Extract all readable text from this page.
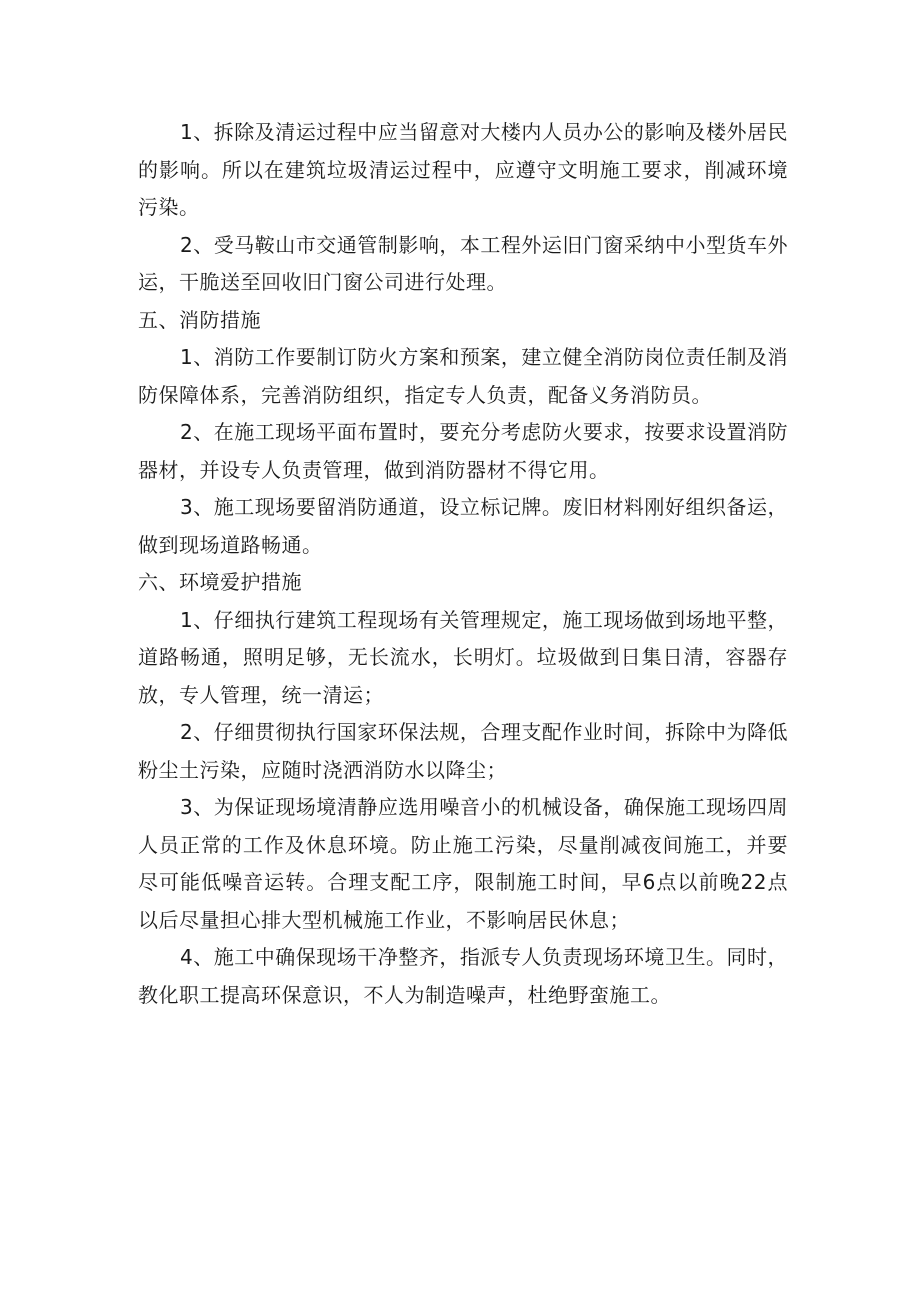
1、拆除及清运过程中应当留意对大楼内人员办公的影响及楼外居民的影响。所以在建筑垃圾清运过程中，应遵守文明施工要求，削减环境污染。

2、受马鞍山市交通管制影响，本工程外运旧门窗采纳中小型货车外运，干脆送至回收旧门窗公司进行处理。

五、消防措施

1、消防工作要制订防火方案和预案，建立健全消防岗位责任制及消防保障体系，完善消防组织，指定专人负责，配备义务消防员。

2、在施工现场平面布置时，要充分考虑防火要求，按要求设置消防器材，并设专人负责管理，做到消防器材不得它用。

3、施工现场要留消防通道，设立标记牌。废旧材料刚好组织备运，做到现场道路畅通。

六、环境爱护措施

1、仔细执行建筑工程现场有关管理规定，施工现场做到场地平整，道路畅通，照明足够，无长流水，长明灯。垃圾做到日集日清，容器存放，专人管理，统一清运；

2、仔细贯彻执行国家环保法规，合理支配作业时间，拆除中为降低粉尘土污染，应随时浇洒消防水以降尘；

3、为保证现场境清静应选用噪音小的机械设备，确保施工现场四周人员正常的工作及休息环境。防止施工污染，尽量削减夜间施工，并要尽可能低噪音运转。合理支配工序，限制施工时间，早6点以前晚22点以后尽量担心排大型机械施工作业，不影响居民休息；

4、施工中确保现场干净整齐，指派专人负责现场环境卫生。同时，教化职工提高环保意识，不人为制造噪声，杜绝野蛮施工。
